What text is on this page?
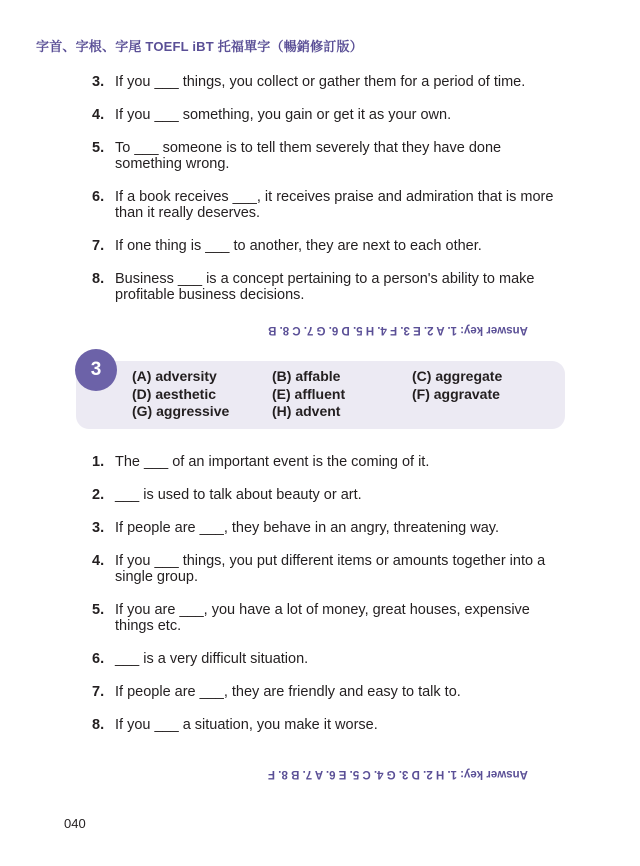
字首、字根、字尾 TOEFL iBT 托福單字（暢銷修訂版）
3. If you ___ things, you collect or gather them for a period of time.
4. If you ___ something, you gain or get it as your own.
5. To ___ someone is to tell them severely that they have done something wrong.
6. If a book receives ___, it receives praise and admiration that is more than it really deserves.
7. If one thing is ___ to another, they are next to each other.
8. Business ___ is a concept pertaining to a person's ability to make profitable business decisions.
Answer key: 1. A 2. E 3. F 4. H 5. D 6. G 7. C 8. B
3	(A) adversity	(B) affable	(C) aggregate
(D) aesthetic	(E) affluent	(F) aggravate
(G) aggressive	(H) advent
1. The ___ of an important event is the coming of it.
2. ___ is used to talk about beauty or art.
3. If people are ___, they behave in an angry, threatening way.
4. If you ___ things, you put different items or amounts together into a single group.
5. If you are ___, you have a lot of money, great houses, expensive things etc.
6. ___ is a very difficult situation.
7. If people are ___, they are friendly and easy to talk to.
8. If you ___ a situation, you make it worse.
Answer key: 1. H 2. D 3. G 4. C 5. E 6. A 7. B 8. F
040
